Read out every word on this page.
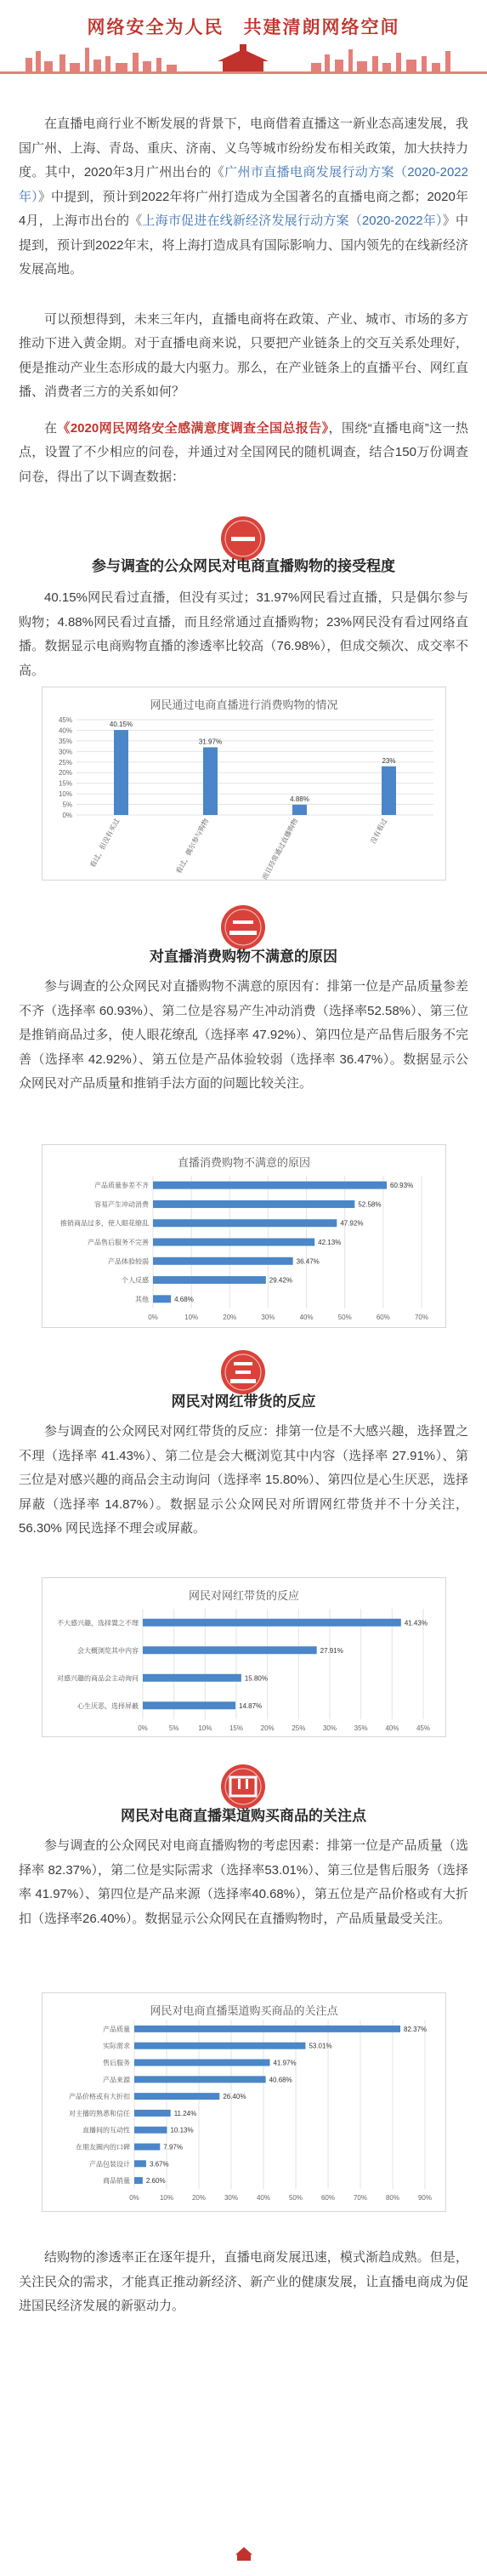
网络安全为人民　共建清朗网络空间

在直播电商行业不断发展的背景下，电商借着直播这一新业态高速发展，我国广州、上海、青岛、重庆、济南、义乌等城市纷纷发布相关政策，加大扶持力度。其中，2020年3月广州出台的《广州市直播电商发展行动方案（2020-2022年）》中提到，预计到2022年将广州打造成为全国著名的直播电商之都；2020年4月，上海市出台的《上海市促进在线新经济发展行动方案（2020-2022年）》中提到，预计到2022年末，将上海打造成具有国际影响力、国内领先的在线新经济发展高地。

可以预想得到，未来三年内，直播电商将在政策、产业、城市、市场的多方推动下进入黄金期。对于直播电商来说，只要把产业链条上的交互关系处理好，便是推动产业生态形成的最大内驱力。那么，在产业链条上的直播平台、网红直播、消费者三方的关系如何？

在《2020网民网络安全感满意度调查全国总报告》，围绕“直播电商”这一热点，设置了不少相应的问卷，并通过对全国网民的随机调查，结合150万份调查问卷，得出了以下调查数据：

参与调查的公众网民对电商直播购物的接受程度

40.15%网民看过直播，但没有买过；31.97%网民看过直播，只是偶尔参与购物；4.88%网民看过直播，而且经常通过直播购物；23%网民没有看过网络直播。数据显示电商购物直播的渗透率比较高（76.98%），但成交频次、成交率不高。

网民通过电商直播进行消费购物的情况
0%
5%
10%
15%
20%
25%
30%
35%
40%
45%
40.15%
看过，但没有买过
31.97%
看过，偶尔参与购物
4.88%
看过，而且经常通过直播购物
23%
没有看过
对直播消费购物不满意的原因

参与调查的公众网民对直播购物不满意的原因有：排第一位是产品质量参差不齐（选择率 60.93%）、第二位是容易产生冲动消费（选择率52.58%）、第三位是推销商品过多，使人眼花缭乱（选择率 47.92%）、第四位是产品售后服务不完善（选择率 42.92%）、第五位是产品体验较弱（选择率 36.47%）。数据显示公众网民对产品质量和推销手法方面的问题比较关注。

直播消费购物不满意的原因
0%	10%	20%	30%	40%	50%	60%	70%
60.93%
产品质量参差不齐
52.58%
容易产生冲动消费
47.92%
推销商品过多，使人眼花缭乱
42.13%
产品售后服务不完善
36.47%
产品体验较弱
29.42%
个人反感
4.68%
其他
网民对网红带货的反应

参与调查的公众网民对网红带货的反应：排第一位是不大感兴趣，选择置之不理（选择率 41.43%）、第二位是会大概浏览其中内容（选择率 27.91%）、第三位是对感兴趣的商品会主动询问（选择率 15.80%）、第四位是心生厌恶，选择屏蔽（选择率 14.87%）。数据显示公众网民对所谓网红带货并不十分关注，56.30% 网民选择不理会或屏蔽。

网民对网红带货的反应
0%	5%	10%	15%	20%	25%	30%	35%	40%	45%
41.43%
不大感兴趣，选择置之不理
27.91%
会大概浏览其中内容
15.80%
对感兴趣的商品会主动询问
14.87%
心生厌恶，选择屏蔽
网民对电商直播渠道购买商品的关注点

参与调查的公众网民对电商直播购物的考虑因素：排第一位是产品质量（选择率 82.37%），第二位是实际需求（选择率53.01%）、第三位是售后服务（选择率 41.97%）、第四位是产品来源（选择率40.68%），第五位是产品价格或有大折扣（选择率26.40%）。数据显示公众网民在直播购物时，产品质量最受关注。

网民对电商直播渠道购买商品的关注点
0%	10%	20%	30%	40%	50%	60%	70%	80%	90%
82.37%
产品质量
53.01%
实际需求
41.97%
售后服务
40.68%
产品来源
26.40%
产品价格或有大折扣
11.24%
对主播的熟悉和信任
10.13%
直播间的互动性
7.97%
在朋友圈内的口碑
3.67%
产品包装设计
2.60%
商品销量

结购物的渗透率正在逐年提升，直播电商发展迅速，模式渐趋成熟。但是，关注民众的需求，才能真正推动新经济、新产业的健康发展，让直播电商成为促进国民经济发展的新驱动力。
